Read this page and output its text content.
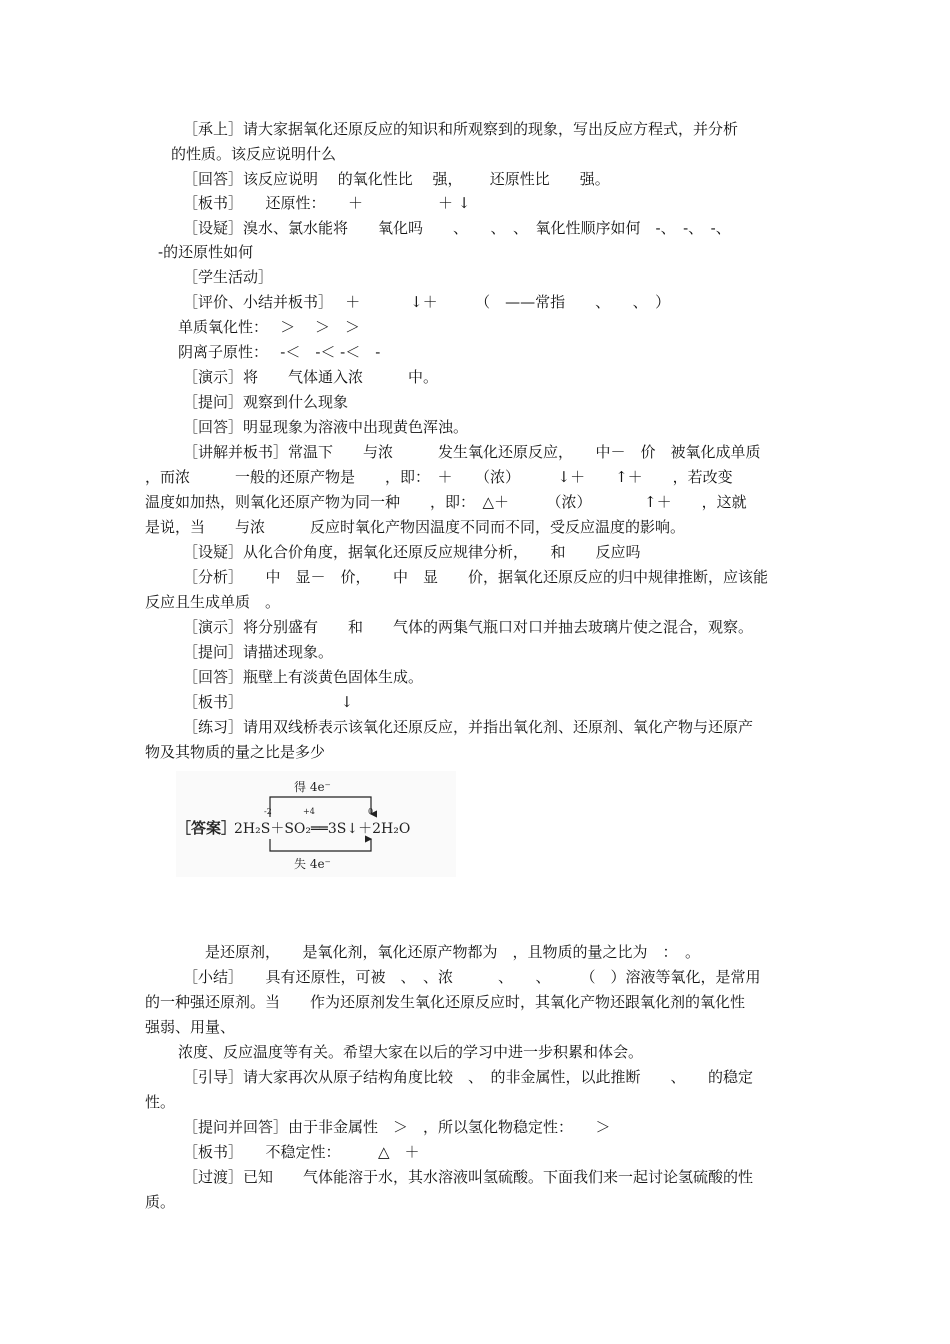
［承上］请大家据氧化还原反应的知识和所观察到的现象，写出反应方程式，并分析
的性质。该反应说明什么
［回答］该反应说明　 的氧化性比　 强，　 　还原性比　　强。
［板书］　　还原性：　　＋　　　　　＋ ↓
［设疑］溴水、氯水能将　　氧化吗　　、　　、　、　氧化性顺序如何　-、　-、　-、
-的还原性如何
［学生活动］
［评价、小结并板书］　 ＋　　　 ↓＋　　　（　——常指　　、　　、　）
单质氧化性：　 ＞　 ＞　＞
阴离子原性：　 -＜　-＜ -＜　-
［演示］将　　气体通入浓　　　中。
［提问］观察到什么现象
［回答］明显现象为溶液中出现黄色浑浊。
［讲解并板书］常温下　　与浓　　　发生氧化还原反应，　　中－　价　被氧化成单质
，而浓　　　一般的还原产物是　　，即：　＋　　（浓）　　　↓＋　　↑＋　　，若改变
温度如加热，则氧化还原产物为同一种　　，即：　△＋　　　（浓）　　　　↑＋　　，这就
是说，当　　与浓　　　反应时氧化产物因温度不同而不同，受反应温度的影响。
［设疑］从化合价角度，据氧化还原反应规律分析，　　和　　反应吗
［分析］　　中　显－　价，　　中　显　　价，据氧化还原反应的归中规律推断，应该能
反应且生成单质　。
［演示］将分别盛有　　和　　气体的两集气瓶口对口并抽去玻璃片使之混合，观察。
［提问］请描述现象。
［回答］瓶壁上有淡黄色固体生成。
［板书］　　　　　　　↓
［练习］请用双线桥表示该氧化还原反应，并指出氧化剂、还原剂、氧化产物与还原产
物及其物质的量之比是多少
得 4e⁻
-2	+4	0
［答案］
2H₂S＋SO₂══3S↓＋2H₂O
失 4e⁻
是还原剂，　　是氧化剂，氧化还原产物都为　，且物质的量之比为　：　。
［小结］　　具有还原性，可被　、　、浓　　　、　　、　　　（　）溶液等氧化，是常用
的一种强还原剂。当　　作为还原剂发生氧化还原反应时，其氧化产物还跟氧化剂的氧化性
强弱、用量、
浓度、反应温度等有关。希望大家在以后的学习中进一步积累和体会。
［引导］请大家再次从原子结构角度比较　、　的非金属性，以此推断　　、　　的稳定
性。
［提问并回答］由于非金属性　＞　，所以氢化物稳定性：　　＞
［板书］　　不稳定性：　　　△　＋
［过渡］已知　　气体能溶于水，其水溶液叫氢硫酸。下面我们来一起讨论氢硫酸的性
质。
